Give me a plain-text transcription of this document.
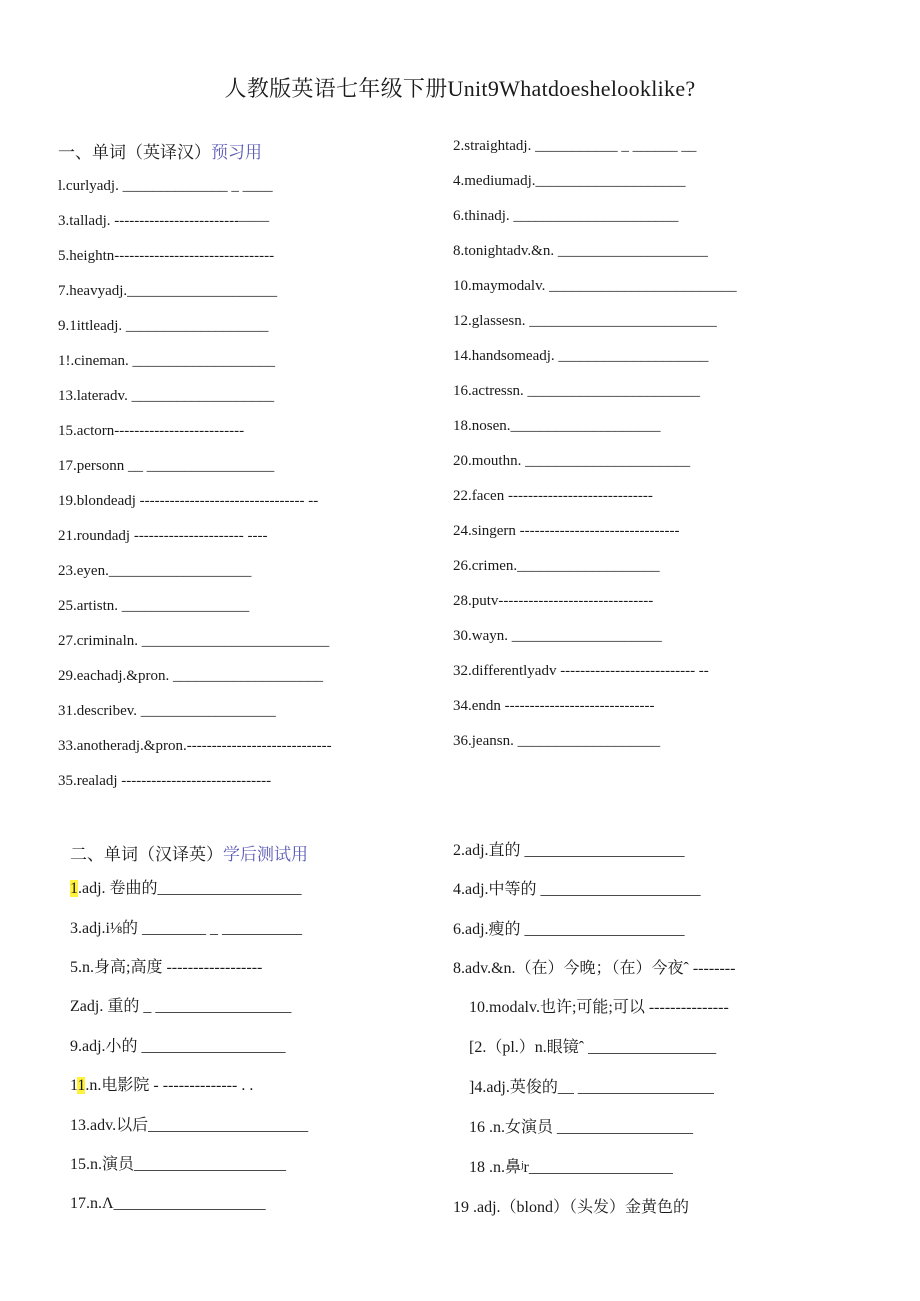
人教版英语七年级下册Unit9Whatdoeshelooklike?
一、单词（英译汉）预习用
l.curlyadj. ______________ _ ____
3.talladj. -------------------------——
5.heightn--------------------------------
7.heavyadj.____________________
9.1ittleadj. ___________________
1!.cineman. ___________________
13.lateradv. ___________________
15.actorn--------------------------
17.personn __ _________________
19.blondeadj --------------------------------- --
21.roundadj ---------------------- ----
23.eyen.___________________
25.artistn. _________________
27.criminaln. _________________________
29.eachadj.&pron. ____________________
31.describev. __________________
33.anotheradj.&pron.-----------------------------
35.realadj ------------------------------
2.straightadj. ___________ _ ______ __
4.mediumadj.____________________
6.thinadj. ______________________
8.tonightadv.&n. ____________________
10.maymodalv. _________________________
12.glassesn. _________________________
14.handsomeadj. ____________________
16.actressn. _______________________
18.nosen.____________________
20.mouthn. ______________________
22.facen -----------------------------
24.singern --------------------------------
26.crimen.___________________
28.putv-------------------------------
30.wayn. ____________________
32.differentlyadv --------------------------- --
34.endn ------------------------------
36.jeansn. ___________________
二、单词（汉译英）学后测试用
1.adj. 卷曲的__________________
3.adj.i⅛的 ________ _ __________
5.n.身高;高度 ------------------
Zadj. 重的 _ _________________
9.adj.小的 __________________
11.n.电影院 - -------------- . .
13.adv.以后____________________
15.n.演员___________________
17.n.Λ___________________
2.adj.直的 ____________________
4.adj.中等的 ____________________
6.adj.瘦的 ____________________
8.adv.&n.（在）今晚；（在）今夜ˆ --------
10.modalv.也许;可能;可以 ---------------
[2.（pl.）n.眼镜ˆ ________________
]4.adj.英俊的__ _________________
16 .n.女演员 _________________
18 .n.鼻ʲr__________________
19 .adj.（blond）（头发）金黄色的
